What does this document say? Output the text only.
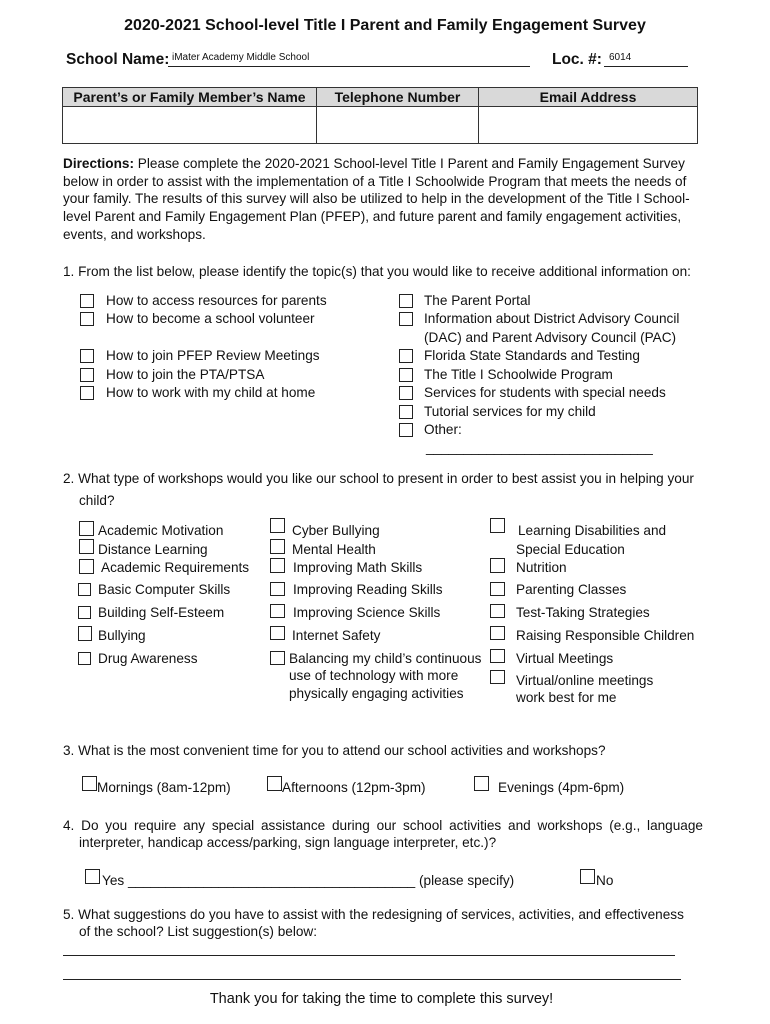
2020-2021 School-level Title I Parent and Family Engagement Survey
School Name: iMater Academy Middle School	Loc. #: 6014
Parent’s or Family Member’s Name	Telephone Number	Email Address

Directions: Please complete the 2020-2021 School-level Title I Parent and Family Engagement Survey
below in order to assist with the implementation of a Title I Schoolwide Program that meets the needs of
your family. The results of this survey will also be utilized to help in the development of the Title I School-
level Parent and Family Engagement Plan (PFEP), and future parent and family engagement activities,
events, and workshops.
1. From the list below, please identify the topic(s) that you would like to receive additional information on:
How to access resources for parents
How to become a school volunteer
How to join PFEP Review Meetings
How to join the PTA/PTSA
How to work with my child at home
The Parent Portal
Information about District Advisory Council
(DAC) and Parent Advisory Council (PAC)
Florida State Standards and Testing
The Title I Schoolwide Program
Services for students with special needs
Tutorial services for my child
Other:
______________________________
2. What type of workshops would you like our school to present in order to best assist you in helping your
child?
Academic Motivation
Distance Learning
Academic Requirements
Basic Computer Skills
Building Self-Esteem
Bullying
Drug Awareness
Cyber Bullying
Mental Health
Improving Math Skills
Improving Reading Skills
Improving Science Skills
Internet Safety
Balancing my child’s continuous
use of technology with more
physically engaging activities
Learning Disabilities and
Special Education
Nutrition
Parenting Classes
Test-Taking Strategies
Raising Responsible Children
Virtual Meetings
Virtual/online meetings
work best for me
3. What is the most convenient time for you to attend our school activities and workshops?
Mornings (8am-12pm)	Afternoons (12pm-3pm)	Evenings (4pm-6pm)
4. Do you require any special assistance during our school activities and workshops (e.g., language
interpreter, handicap access/parking, sign language interpreter, etc.)?
Yes ______________________________________ (please specify)	No
5. What suggestions do you have to assist with the redesigning of services, activities, and effectiveness
of the school? List suggestion(s) below:
Thank you for taking the time to complete this survey!
